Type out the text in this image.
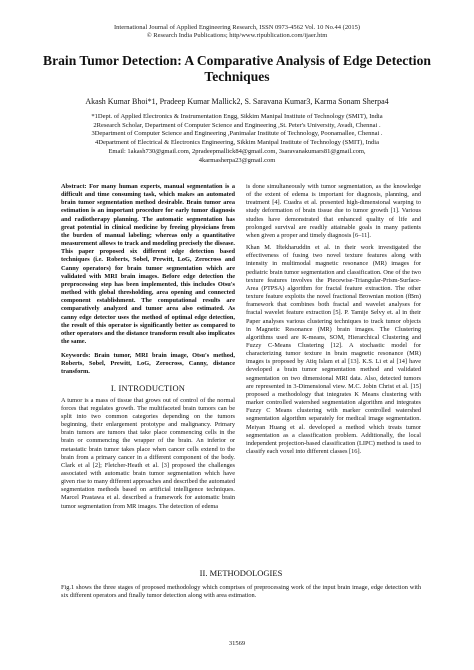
International Journal of Applied Engineering Research, ISSN 0973-4562 Vol. 10 No.44 (2015)
© Research India Publications; http/www.ripublication.com/ijaer.htm
Brain Tumor Detection: A Comparative Analysis of Edge Detection Techniques
Akash Kumar Bhoi*1, Pradeep Kumar Mallick2, S. Saravana Kumar3, Karma Sonam Sherpa4
*1Dept. of Applied Electronics & Instrumentation Engg, Sikkim Manipal Institute of Technology (SMIT), India
2Research Scholar, Department of Computer Science and Engineering ,St. Peter's University, Avadi, Chennai .
3Department of Computer Science and Engineering ,Panimalar Institute of Technology, Poonamallee, Chennai .
4Department of Electrical & Electronics Engineering, Sikkim Manipal Institute of Technology (SMIT), India
Email: 1akash730@gmail.com, 2pradeepmallick84@gmail.com, 3saravanakumars81@gmail.com,
4karmasherpa23@gmail.com

Abstract: For many human experts, manual segmentation is a difficult and time consuming task, which makes an automated brain tumor segmentation method desirable. Brain tumor area estimation is an important procedure for early tumor diagnosis and radiotherapy planning. The automatic segmentation has great potential in clinical medicine by freeing physicians from the burden of manual labeling; whereas only a quantitative measurement allows to track and modeling precisely the disease. This paper proposed six different edge detection based techniques (i.e. Roberts, Sobel, Prewitt, LoG, Zerocross and Canny operators) for brain tumor segmentation which are validated with MRI brain images. Before edge detection the preprocessing step has been implemented, this includes Otsu's method with global thresholding, area opening and connected component establishment. The computational results are comparatively analyzed and tumor area also estimated. As canny edge detector uses the method of optimal edge detection, the result of this operator is significantly better as compared to other operators and the distance transform result also implicates the same.

Keywords: Brain tumor, MRI brain image, Otsu's method, Roberts, Sobel, Prewitt, LoG, Zerocross, Canny, distance transform.

I. INTRODUCTION

A tumor is a mass of tissue that grows out of control of the normal forces that regulates growth. The multifaceted brain tumors can be split into two common categories depending on the tumors beginning, their enlargement prototype and malignancy. Primary brain tumors are tumors that take place commencing cells in the brain or commencing the wrapper of the brain. An inferior or metastatic brain tumor takes place when cancer cells extend to the brain from a primary cancer in a different component of the body. Clark et al [2]; Fletcher-Heath et al. [3] proposed the challenges associated with automatic brain tumor segmentation which have given rise to many different approaches and described the automated segmentation methods based on artificial intelligence techniques. Marcel Prastawa et al. described a framework for automatic brain tumor segmentation from MR images. The detection of edema

is done simultaneously with tumor segmentation, as the knowledge of the extent of edema is important for diagnosis, planning, and treatment [4]. Cuadra et al. presented high-dimensional warping to study deformation of brain tissue due to tumor growth [1]. Various studies have demonstrated that enhanced quality of life and prolonged survival are readily attainable goals in many patients when given a proper and timely diagnosis [6–11].

Khan M. Iftekharuddin et al. in their work investigated the effectiveness of fusing two novel texture features along with intensity in multimodal magnetic resonance (MR) images for pediatric brain tumor segmentation and classification. One of the two texture features involves the Piecewise-Triangular-Prism-Surface-Area (PTPSA) algorithm for fractal feature extraction. The other texture feature exploits the novel fractional Brownian motion (fBm) framework that combines both fractal and wavelet analyses for fractal wavelet feature extraction [5]. P. Tamije Selvy et. al in their Paper analyses various clustering techniques to track tumor objects in Magnetic Resonance (MR) brain images. The Clustering algorithms used are K-means, SOM, Hierarchical Clustering and Fuzzy C-Means Clustering [12]. A stochastic model for characterizing tumor texture in brain magnetic resonance (MR) images is proposed by Atiq Islam et al [13]. K.S. Li et al [14] have developed a brain tumor segmentation method and validated segmentation on two dimensional MRI data. Also, detected tumors are represented in 3-Dimensional view. M.C. Jobin Christ et al. [15] proposed a methodology that integrates K Means clustering with marker controlled watershed segmentation algorithm and integrates Fuzzy C Means clustering with marker controlled watershed segmentation algorithm separately for medical image segmentation. Meiyan Huang et al. developed a method which treats tumor segmentation as a classification problem. Additionally, the local independent projection-based classification (LIPC) method is used to classify each voxel into different classes [16].

II. METHODOLOGIES
Fig.1 shows the three stages of proposed methodology which comprises of preprocessing work of the input brain image, edge detection with six different operators and finally tumor detection along with area estimation.
31569
